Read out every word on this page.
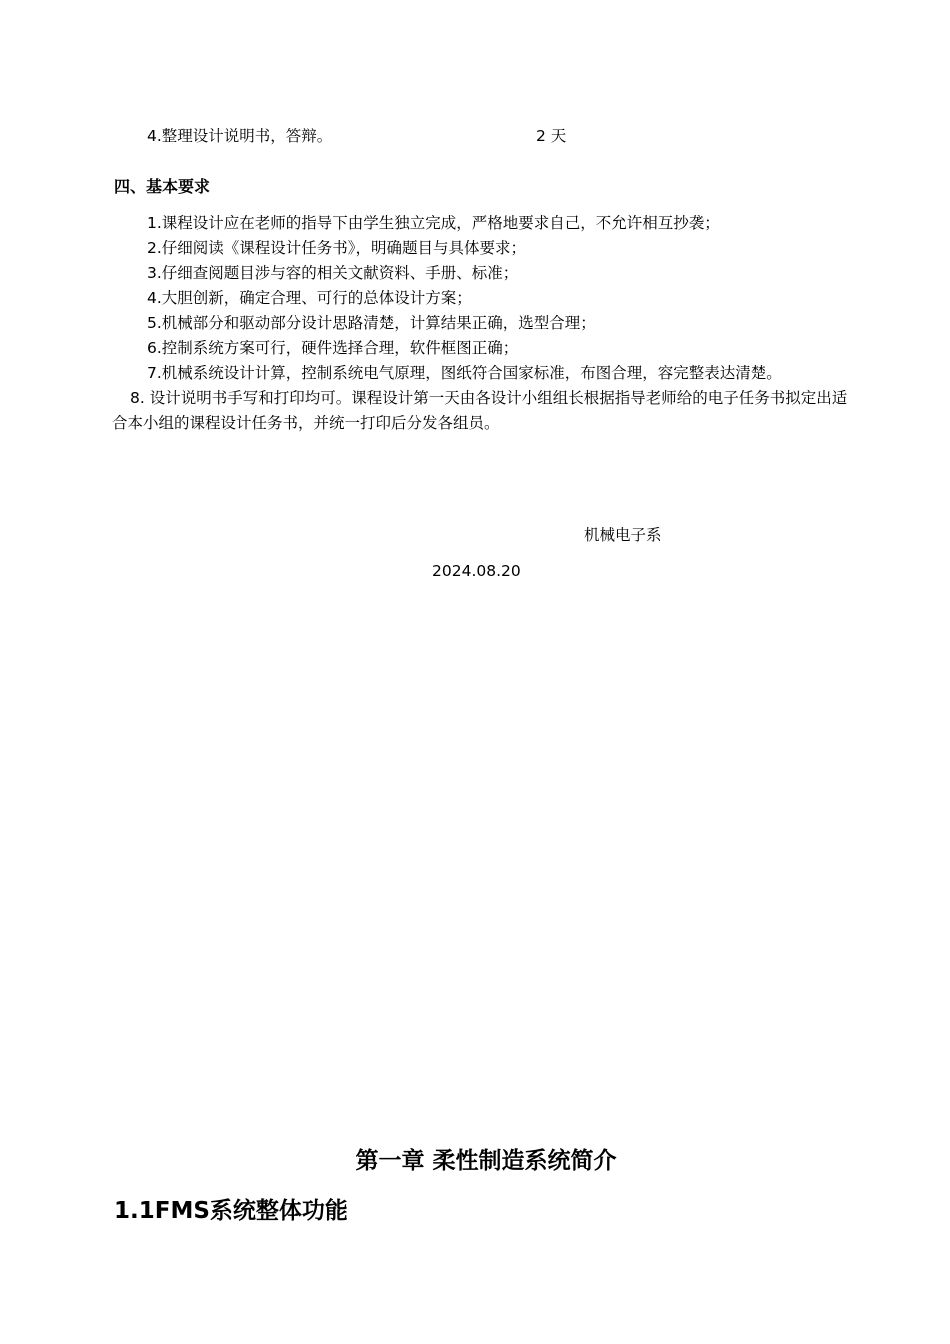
4.整理设计说明书，答辩。	2 天
四、基本要求
1.课程设计应在老师的指导下由学生独立完成，严格地要求自己，不允许相互抄袭；
2.仔细阅读《课程设计任务书》，明确题目与具体要求；
3.仔细查阅题目涉与容的相关文献资料、手册、标准；
4.大胆创新，确定合理、可行的总体设计方案；
5.机械部分和驱动部分设计思路清楚，计算结果正确，选型合理；
6.控制系统方案可行，硬件选择合理，软件框图正确；
7.机械系统设计计算，控制系统电气原理，图纸符合国家标准，布图合理，容完整表达清楚。
8. 设计说明书手写和打印均可。课程设计第一天由各设计小组组长根据指导老师给的电子任务书拟定出适合本小组的课程设计任务书，并统一打印后分发各组员。
机械电子系
2024.08.20
第一章 柔性制造系统简介
1.1FMS系统整体功能
